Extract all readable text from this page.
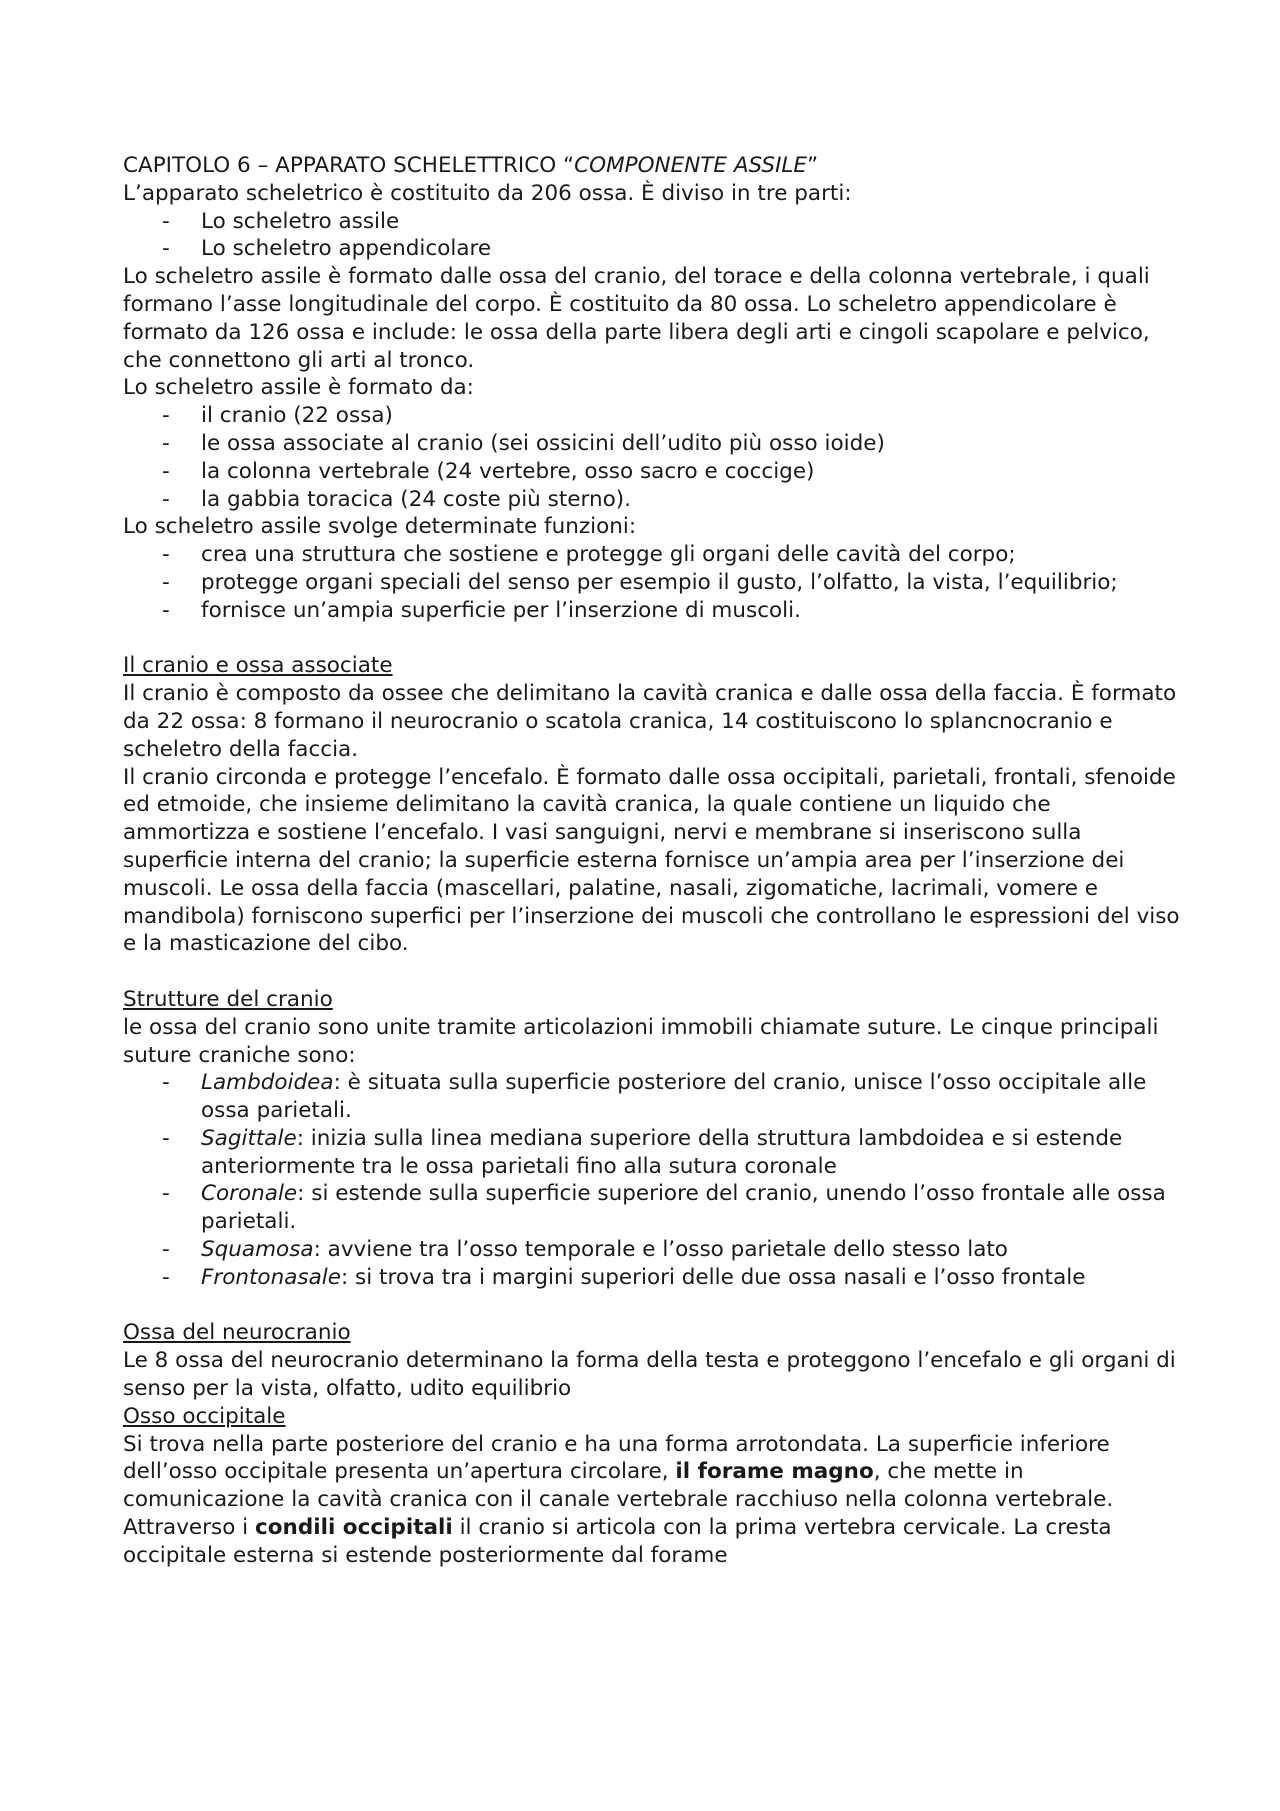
CAPITOLO 6 – APPARATO SCHELETTRICO “COMPONENTE ASSILE”

L’apparato scheletrico è costituito da 206 ossa. È diviso in tre parti:

- Lo scheletro assile
- Lo scheletro appendicolare

Lo scheletro assile è formato dalle ossa del cranio, del torace e della colonna vertebrale, i quali formano l’asse longitudinale del corpo. È costituito da 80 ossa. Lo scheletro appendicolare è formato da 126 ossa e include: le ossa della parte libera degli arti e cingoli scapolare e pelvico, che connettono gli arti al tronco.

Lo scheletro assile è formato da:

- il cranio (22 ossa)
- le ossa associate al cranio (sei ossicini dell’udito più osso ioide)
- la colonna vertebrale (24 vertebre, osso sacro e coccige)
- la gabbia toracica (24 coste più sterno).

Lo scheletro assile svolge determinate funzioni:

- crea una struttura che sostiene e protegge gli organi delle cavità del corpo;
- protegge organi speciali del senso per esempio il gusto, l’olfatto, la vista, l’equilibrio;
- fornisce un’ampia superficie per l’inserzione di muscoli.

Il cranio e ossa associate

Il cranio è composto da ossee che delimitano la cavità cranica e dalle ossa della faccia. È formato da 22 ossa: 8 formano il neurocranio o scatola cranica, 14 costituiscono lo splancnocranio e scheletro della faccia.

Il cranio circonda e protegge l’encefalo. È formato dalle ossa occipitali, parietali, frontali, sfenoide ed etmoide, che insieme delimitano la cavità cranica, la quale contiene un liquido che ammortizza e sostiene l’encefalo. I vasi sanguigni, nervi e membrane si inseriscono sulla superficie interna del cranio; la superficie esterna fornisce un’ampia area per l’inserzione dei muscoli. Le ossa della faccia (mascellari, palatine, nasali, zigomatiche, lacrimali, vomere e mandibola) forniscono superfici per l’inserzione dei muscoli che controllano le espressioni del viso e la masticazione del cibo.

Strutture del cranio

le ossa del cranio sono unite tramite articolazioni immobili chiamate suture. Le cinque principali suture craniche sono:

- Lambdoidea: è situata sulla superficie posteriore del cranio, unisce l’osso occipitale alle ossa parietali.
- Sagittale: inizia sulla linea mediana superiore della struttura lambdoidea e si estende anteriormente tra le ossa parietali fino alla sutura coronale
- Coronale: si estende sulla superficie superiore del cranio, unendo l’osso frontale alle ossa parietali.
- Squamosa: avviene tra l’osso temporale e l’osso parietale dello stesso lato
- Frontonasale: si trova tra i margini superiori delle due ossa nasali e l’osso frontale

Ossa del neurocranio

Le 8 ossa del neurocranio determinano la forma della testa e proteggono l’encefalo e gli organi di senso per la vista, olfatto, udito equilibrio

Osso occipitale

Si trova nella parte posteriore del cranio e ha una forma arrotondata. La superficie inferiore dell’osso occipitale presenta un’apertura circolare, il forame magno, che mette in comunicazione la cavità cranica con il canale vertebrale racchiuso nella colonna vertebrale. Attraverso i condili occipitali il cranio si articola con la prima vertebra cervicale. La cresta occipitale esterna si estende posteriormente dal forame
